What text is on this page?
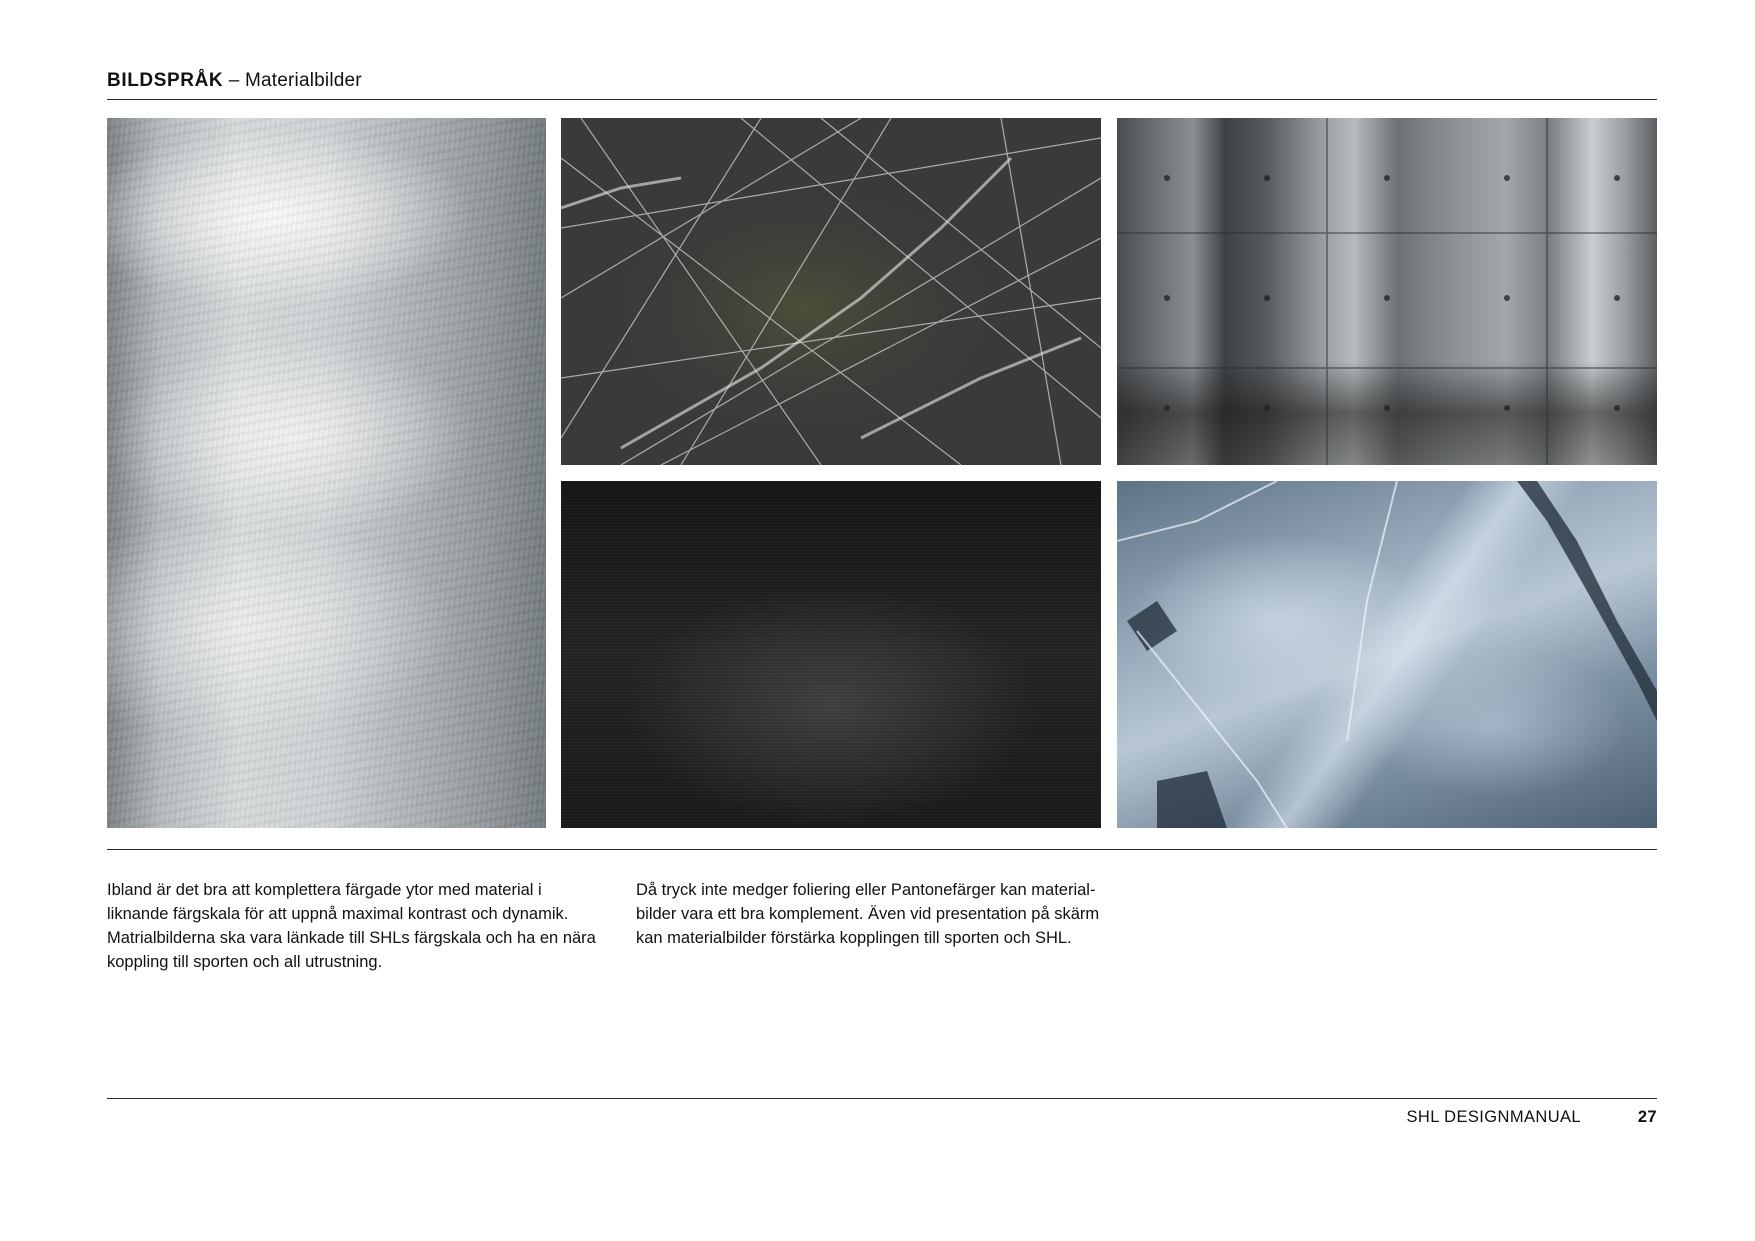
BILDSPRÅK – Materialbilder
Ibland är det bra att komplettera färgade ytor med material i
liknande färgskala för att uppnå maximal kontrast och dynamik.
Matrialbilderna ska vara länkade till SHLs färgskala och ha en nära
koppling till sporten och all utrustning.
Då tryck inte medger foliering eller Pantonefärger kan material-
bilder vara ett bra komplement. Även vid presentation på skärm
kan materialbilder förstärka kopplingen till sporten och SHL.
SHL DESIGNMANUAL	27
